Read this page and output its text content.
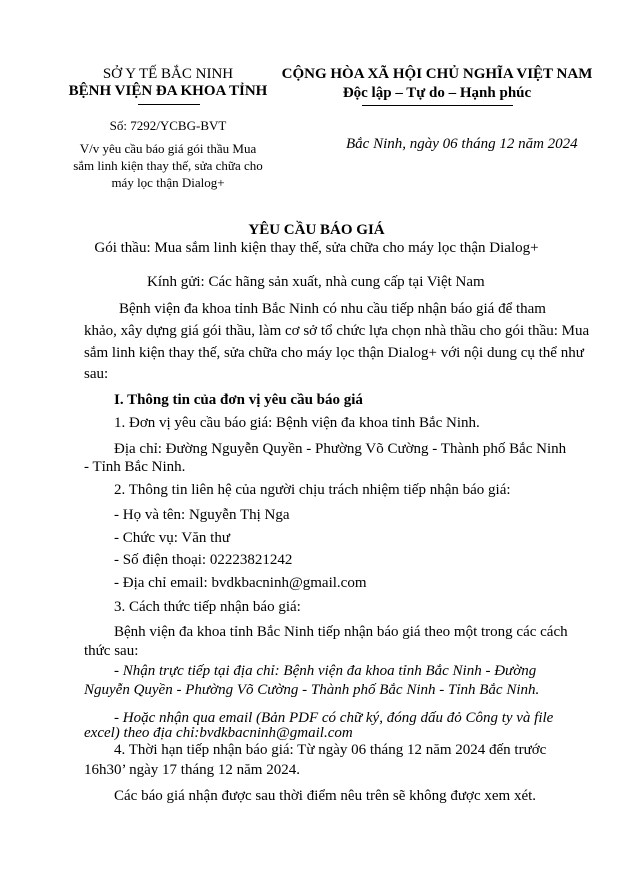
SỞ Y TẾ BẮC NINH
BỆNH VIỆN ĐA KHOA TỈNH
Số: 7292/YCBG-BVT
V/v yêu cầu báo giá gói thầu Mua
sắm linh kiện thay thế, sửa chữa cho
máy lọc thận Dialog+
CỘNG HÒA XÃ HỘI CHỦ NGHĨA VIỆT NAM
Độc lập – Tự do – Hạnh phúc
Bắc Ninh, ngày 06 tháng 12 năm 2024
YÊU CẦU BÁO GIÁ
Gói thầu: Mua sắm linh kiện thay thế, sửa chữa cho máy lọc thận Dialog+
Kính gửi: Các hãng sản xuất, nhà cung cấp tại Việt Nam
Bệnh viện đa khoa tỉnh Bắc Ninh có nhu cầu tiếp nhận báo giá để tham
khảo, xây dựng giá gói thầu, làm cơ sở tổ chức lựa chọn nhà thầu cho gói thầu: Mua
sắm linh kiện thay thế, sửa chữa cho máy lọc thận Dialog+ với nội dung cụ thể như
sau:
I. Thông tin của đơn vị yêu cầu báo giá
1. Đơn vị yêu cầu báo giá: Bệnh viện đa khoa tỉnh Bắc Ninh.
Địa chỉ: Đường Nguyễn Quyền - Phường Võ Cường - Thành phố Bắc Ninh
- Tỉnh Bắc Ninh.
2. Thông tin liên hệ của người chịu trách nhiệm tiếp nhận báo giá:
- Họ và tên: Nguyễn Thị Nga
- Chức vụ: Văn thư
- Số điện thoại: 02223821242
- Địa chỉ email: bvdkbacninh@gmail.com
3. Cách thức tiếp nhận báo giá:
Bệnh viện đa khoa tỉnh Bắc Ninh tiếp nhận báo giá theo một trong các cách
thức sau:
- Nhận trực tiếp tại địa chỉ: Bệnh viện đa khoa tỉnh Bắc Ninh - Đường
Nguyễn Quyền - Phường Võ Cường - Thành phố Bắc Ninh - Tỉnh Bắc Ninh.
- Hoặc nhận qua email (Bản PDF có chữ ký, đóng dấu đỏ Công ty và file
excel) theo địa chỉ:bvdkbacninh@gmail.com
4. Thời hạn tiếp nhận báo giá: Từ ngày 06 tháng 12 năm 2024 đến trước
16h30’ ngày 17 tháng 12 năm 2024.
Các báo giá nhận được sau thời điểm nêu trên sẽ không được xem xét.
